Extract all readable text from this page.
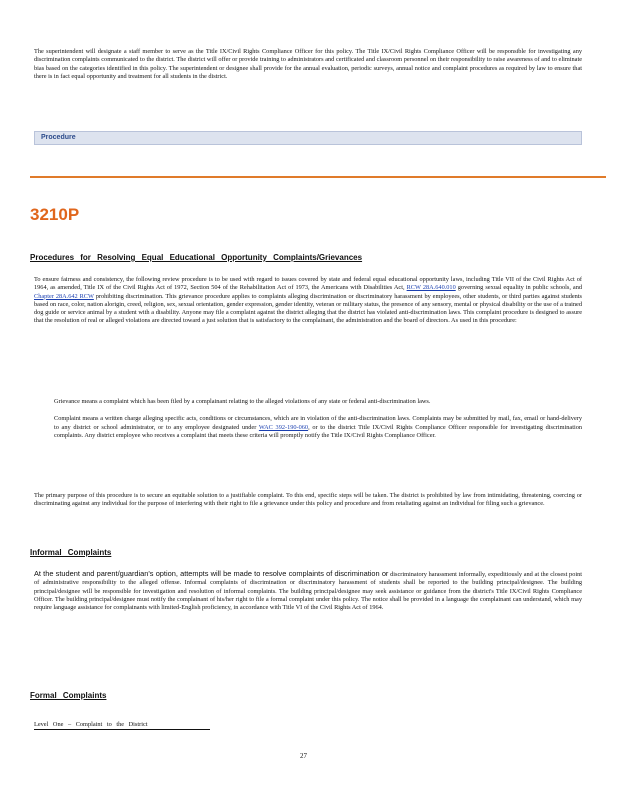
The superintendent will designate a staff member to serve as the Title IX/Civil Rights Compliance Officer for this policy. The Title IX/Civil Rights Compliance Officer will be responsible for investigating any discrimination complaints communicated to the district. The district will offer or provide training to administrators and certificated and classroom personnel on their responsibility to raise awareness of and to eliminate bias based on the categories identified in this policy. The superintendent or designee shall provide for the annual evaluation, periodic surveys, annual notice and complaint procedures as required by law to ensure that there is in fact equal opportunity and treatment for all students in the district.

Procedure
3210P
Procedures for Resolving Equal Educational Opportunity Complaints/Grievances

To ensure fairness and consistency, the following review procedure is to be used with regard to issues covered by state and federal equal educational opportunity laws, including Title VII of the Civil Rights Act of 1964, as amended, Title IX of the Civil Rights Act of 1972, Section 504 of the Rehabilitation Act of 1973, the Americans with Disabilities Act, RCW 28A.640.010 governing sexual equality in public schools, and Chapter 28A.642 RCW prohibiting discrimination. This grievance procedure applies to complaints alleging discrimination or discriminatory harassment by employees, other students, or third parties against students based on race, color, nation alorigin, creed, religion, sex, sexual orientation, gender expression, gender identity, veteran or military status, the presence of any sensory, mental or physical disability or the use of a trained dog guide or service animal by a student with a disability. Anyone may file a complaint against the district alleging that the district has violated anti-discrimination laws. This complaint procedure is designed to assure that the resolution of real or alleged violations are directed toward a just solution that is satisfactory to the complainant, the administration and the board of directors. As used in this procedure:

Grievance means a complaint which has been filed by a complainant relating to the alleged violations of any state or federal anti-discrimination laws.
Complaint means a written charge alleging specific acts, conditions or circumstances, which are in violation of the anti-discrimination laws. Complaints may be submitted by mail, fax, email or hand-delivery to any district or school administrator, or to any employee designated under WAC 392-190-060, or to the district Title IX/Civil Rights Compliance Officer responsible for investigating discrimination complaints. Any district employee who receives a complaint that meets these criteria will promptly notify the Title IX/Civil Rights Compliance Officer.

The primary purpose of this procedure is to secure an equitable solution to a justifiable complaint. To this end, specific steps will be taken. The district is prohibited by law from intimidating, threatening, coercing or discriminating against any individual for the purpose of interfering with their right to file a grievance under this policy and procedure and from retaliating against an individual for filing such a grievance.

Informal Complaints

At the student and parent/guardian's option, attempts will be made to resolve complaints of discrimination or discriminatory harassment informally, expeditiously and at the closest point of administrative responsibility to the alleged offense. Informal complaints of discrimination or discriminatory harassment of students shall be reported to the building principal/designee. The building principal/designee will be responsible for investigation and resolution of informal complaints. The building principal/designee may seek assistance or guidance from the district's Title IX/Civil Rights Compliance Officer. The building principal/designee must notify the complainant of his/her right to file a formal complaint under this policy. The notice shall be provided in a language the complainant can understand, which may require language assistance for complainants with limited-English proficiency, in accordance with Title VI of the Civil Rights Act of 1964.

Formal Complaints
Level One – Complaint to the District
27
